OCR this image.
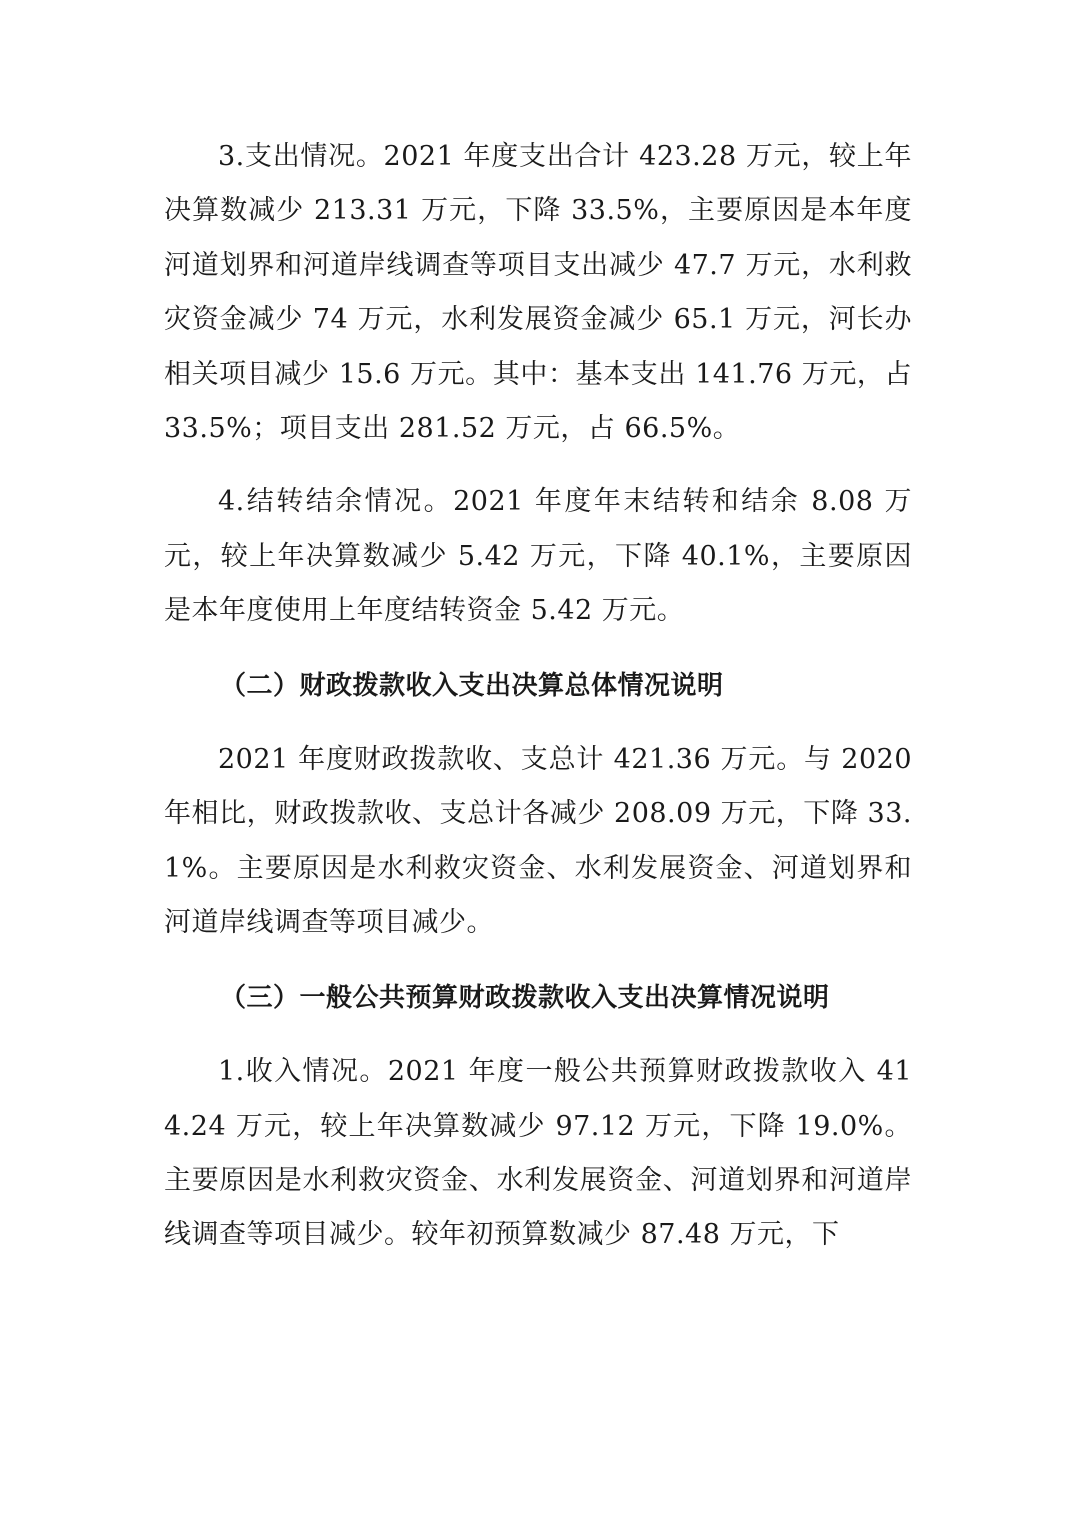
3.支出情况。2021 年度支出合计 423.28 万元，较上年决算数减少 213.31 万元，下降 33.5%，主要原因是本年度河道划界和河道岸线调查等项目支出减少 47.7 万元，水利救灾资金减少 74 万元，水利发展资金减少 65.1 万元，河长办相关项目减少 15.6 万元。其中：基本支出 141.76 万元，占 33.5%；项目支出 281.52 万元，占 66.5%。

4.结转结余情况。2021 年度年末结转和结余 8.08 万元，较上年决算数减少 5.42 万元，下降 40.1%，主要原因是本年度使用上年度结转资金 5.42 万元。

（二）财政拨款收入支出决算总体情况说明

2021 年度财政拨款收、支总计 421.36 万元。与 2020 年相比，财政拨款收、支总计各减少 208.09 万元，下降 33.1%。主要原因是水利救灾资金、水利发展资金、河道划界和河道岸线调查等项目减少。

（三）一般公共预算财政拨款收入支出决算情况说明

1.收入情况。2021 年度一般公共预算财政拨款收入 414.24 万元，较上年决算数减少 97.12 万元，下降 19.0%。主要原因是水利救灾资金、水利发展资金、河道划界和河道岸线调查等项目减少。较年初预算数减少 87.48 万元，下
